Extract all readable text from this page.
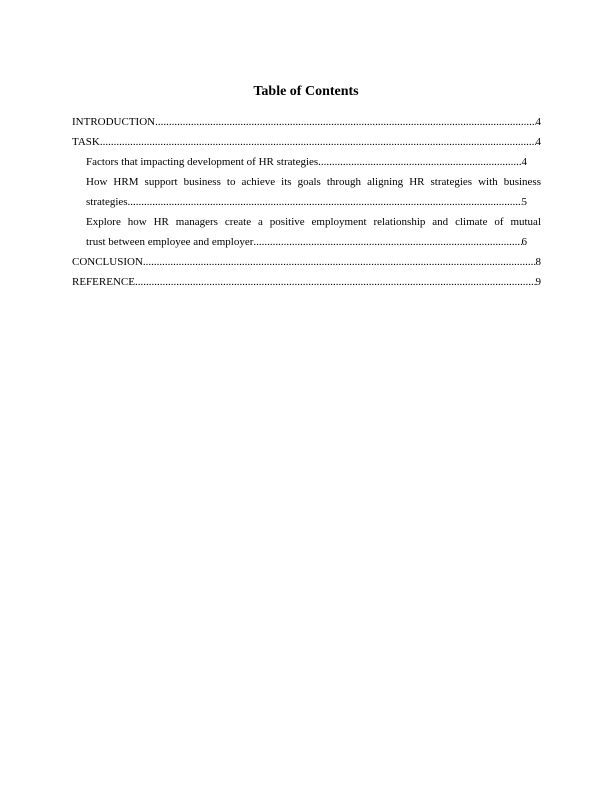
Table of Contents
INTRODUCTION .....	4
TASK .....	4
Factors that impacting development of HR strategies .....	4
How HRM support business to achieve its goals through aligning HR strategies with business
strategies .....	5
Explore how HR managers create a positive employment relationship and climate of mutual
trust between employee and employer .....	6
CONCLUSION .....	8
REFERENCE .....	9
